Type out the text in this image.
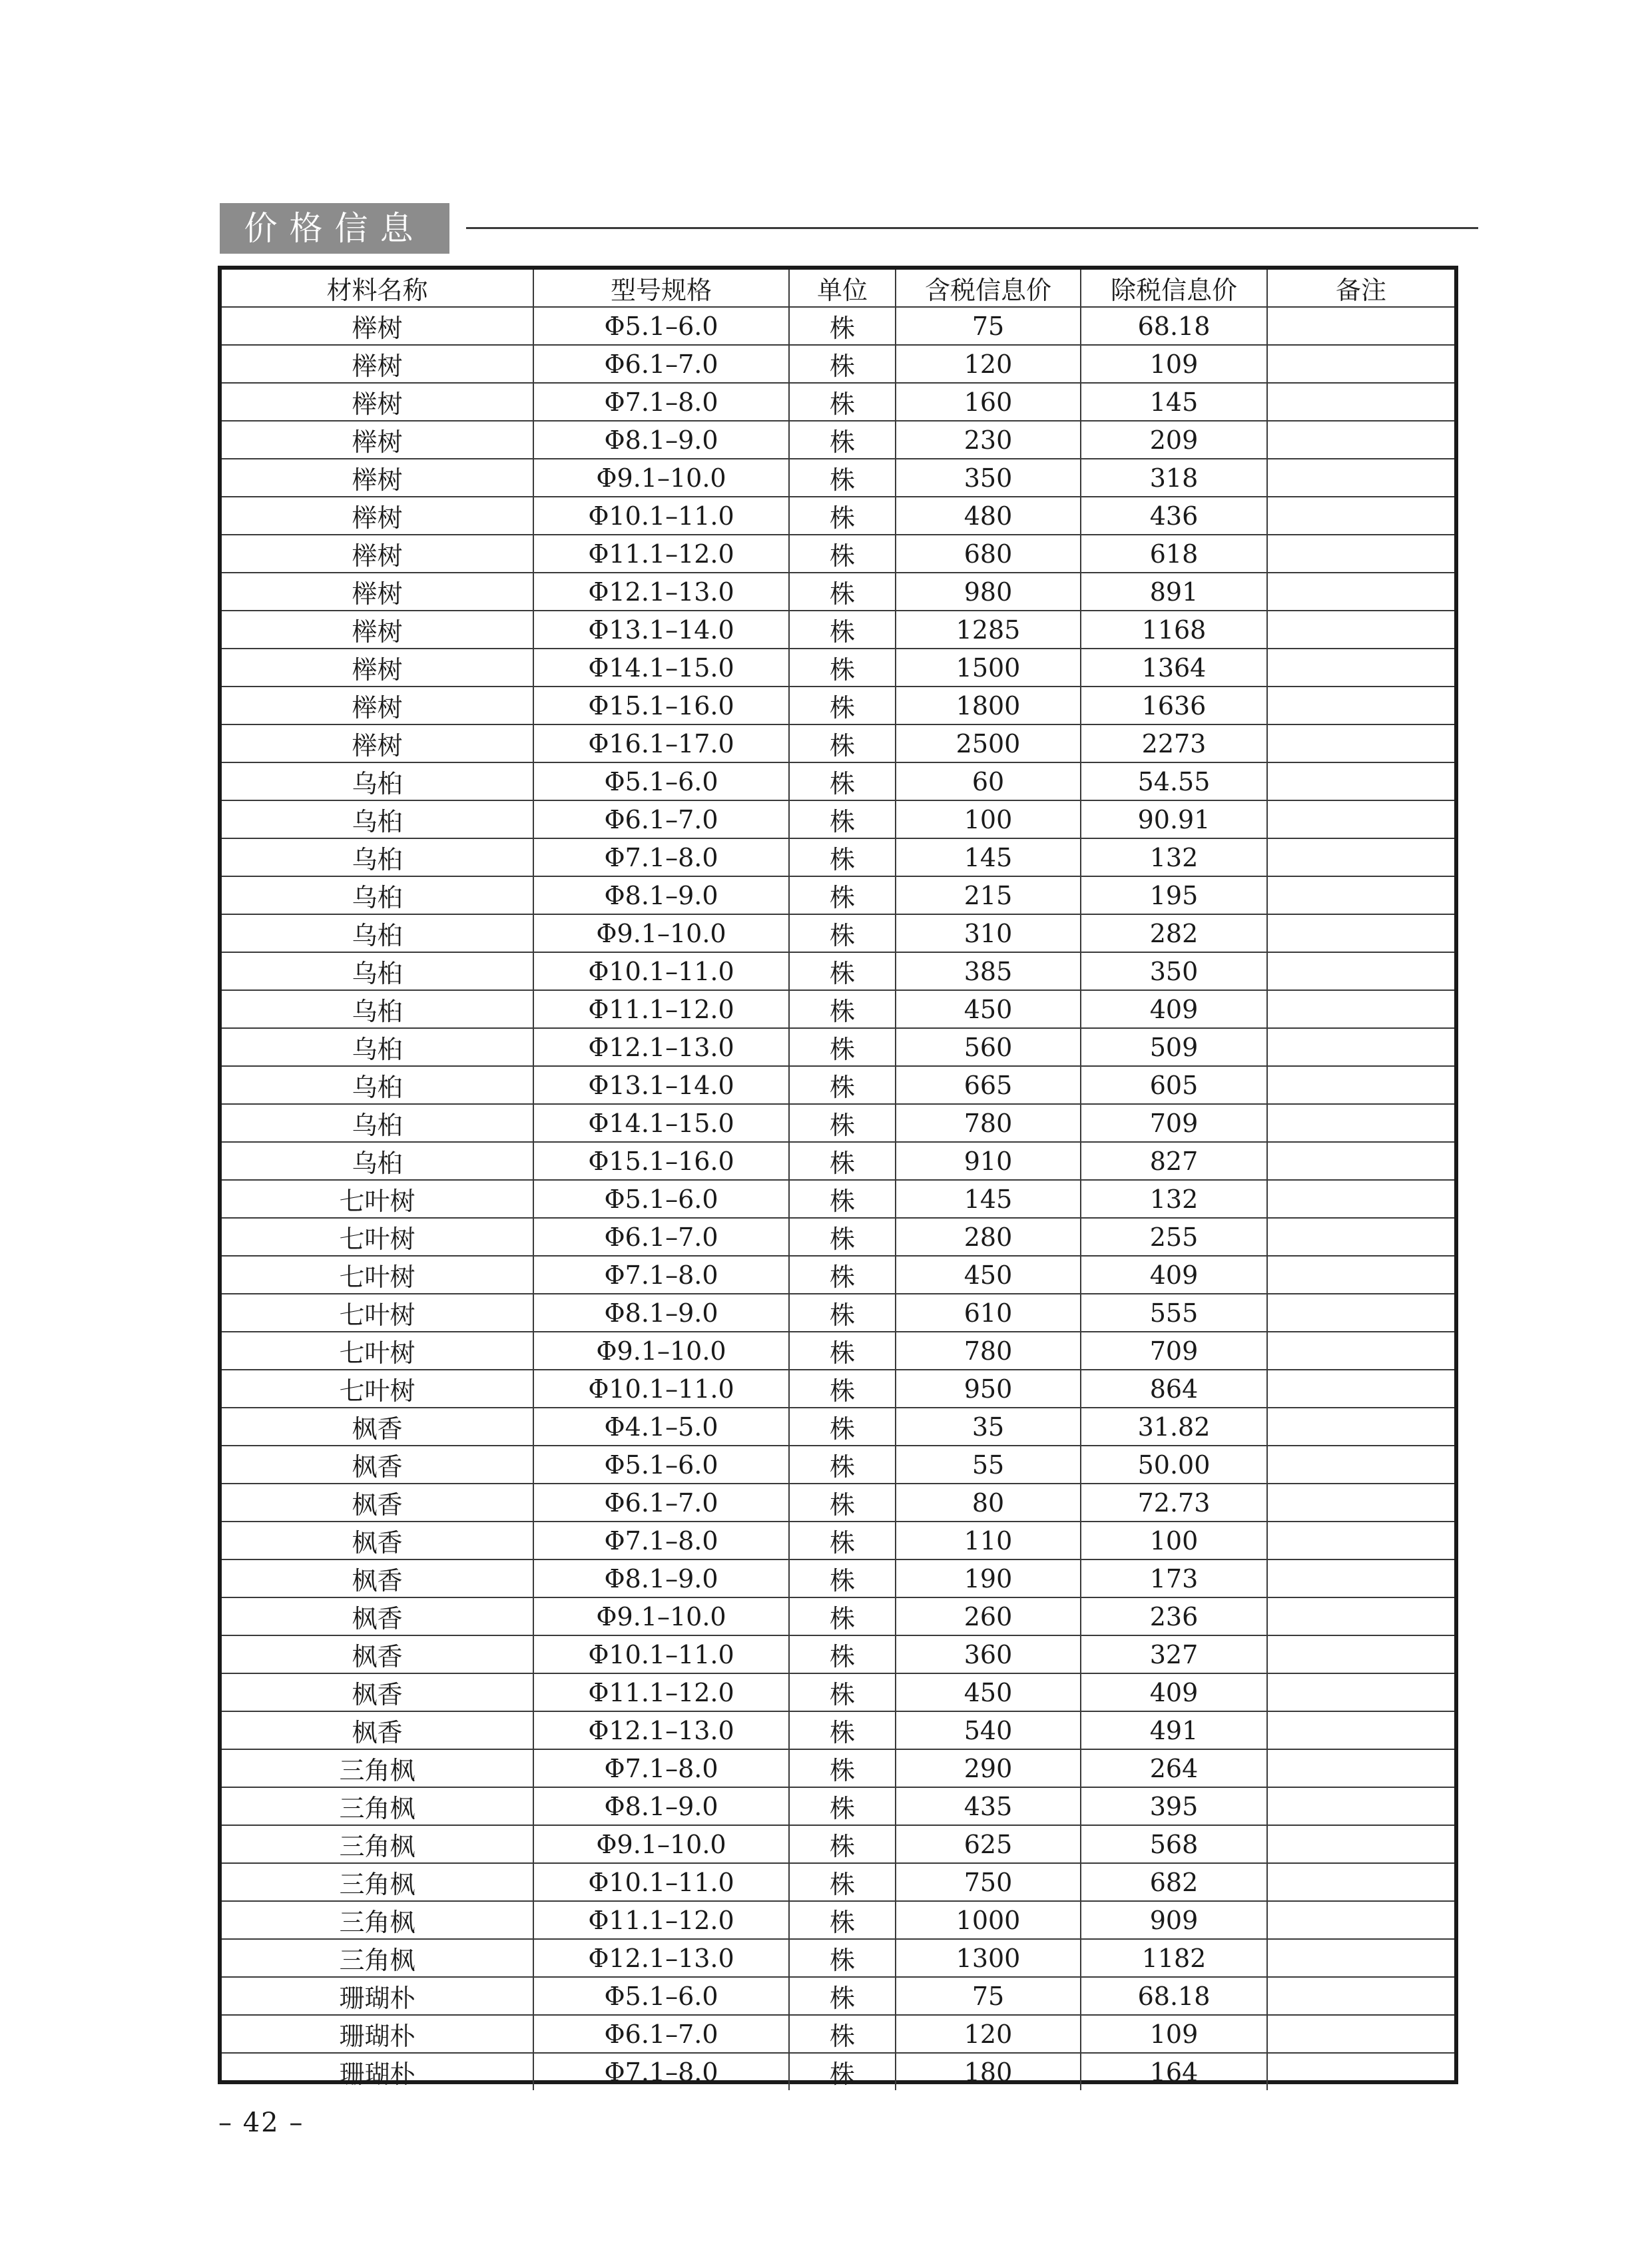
价格信息
材料名称	型号规格	单位	含税信息价	除税信息价	备注
榉树	Φ5.1–6.0	株	75	68.18	
榉树	Φ6.1–7.0	株	120	109	
榉树	Φ7.1–8.0	株	160	145	
榉树	Φ8.1–9.0	株	230	209	
榉树	Φ9.1–10.0	株	350	318	
榉树	Φ10.1–11.0	株	480	436	
榉树	Φ11.1–12.0	株	680	618	
榉树	Φ12.1–13.0	株	980	891	
榉树	Φ13.1–14.0	株	1285	1168	
榉树	Φ14.1–15.0	株	1500	1364	
榉树	Φ15.1–16.0	株	1800	1636	
榉树	Φ16.1–17.0	株	2500	2273	
乌桕	Φ5.1–6.0	株	60	54.55	
乌桕	Φ6.1–7.0	株	100	90.91	
乌桕	Φ7.1–8.0	株	145	132	
乌桕	Φ8.1–9.0	株	215	195	
乌桕	Φ9.1–10.0	株	310	282	
乌桕	Φ10.1–11.0	株	385	350	
乌桕	Φ11.1–12.0	株	450	409	
乌桕	Φ12.1–13.0	株	560	509	
乌桕	Φ13.1–14.0	株	665	605	
乌桕	Φ14.1–15.0	株	780	709	
乌桕	Φ15.1–16.0	株	910	827	
七叶树	Φ5.1–6.0	株	145	132	
七叶树	Φ6.1–7.0	株	280	255	
七叶树	Φ7.1–8.0	株	450	409	
七叶树	Φ8.1–9.0	株	610	555	
七叶树	Φ9.1–10.0	株	780	709	
七叶树	Φ10.1–11.0	株	950	864	
枫香	Φ4.1–5.0	株	35	31.82	
枫香	Φ5.1–6.0	株	55	50.00	
枫香	Φ6.1–7.0	株	80	72.73	
枫香	Φ7.1–8.0	株	110	100	
枫香	Φ8.1–9.0	株	190	173	
枫香	Φ9.1–10.0	株	260	236	
枫香	Φ10.1–11.0	株	360	327	
枫香	Φ11.1–12.0	株	450	409	
枫香	Φ12.1–13.0	株	540	491	
三角枫	Φ7.1–8.0	株	290	264	
三角枫	Φ8.1–9.0	株	435	395	
三角枫	Φ9.1–10.0	株	625	568	
三角枫	Φ10.1–11.0	株	750	682	
三角枫	Φ11.1–12.0	株	1000	909	
三角枫	Φ12.1–13.0	株	1300	1182	
珊瑚朴	Φ5.1–6.0	株	75	68.18	
珊瑚朴	Φ6.1–7.0	株	120	109	
珊瑚朴	Φ7.1–8.0	株	180	164	
– 42 –
